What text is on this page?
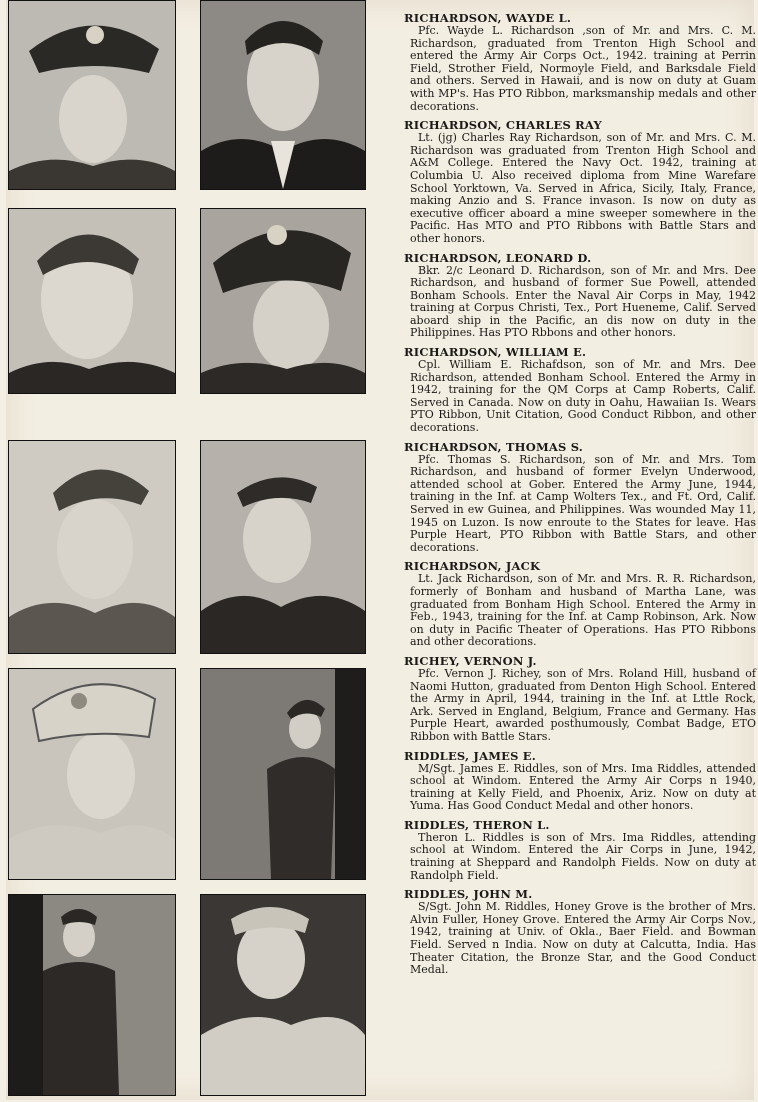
RICHARDSON, WAYDE L.

Pfc. Wayde L. Richardson ,son of Mr. and Mrs. C. M. Richardson, graduated from Trenton High School and entered the Army Air Corps Oct., 1942. training at Perrin Field, Strother Field, Normoyle Field, and Barksdale Field and others. Served in Hawaii, and is now on duty at Guam with MP's. Has PTO Ribbon, marksmanship medals and other decorations.

RICHARDSON, CHARLES RAY

Lt. (jg) Charles Ray Richardson, son of Mr. and Mrs. C. M. Richardson was graduated from Trenton High School and A&M College. Entered the Navy Oct. 1942, training at Columbia U. Also received diploma from Mine Warefare School Yorktown, Va. Served in Africa, Sicily, Italy, France, making Anzio and S. France invason. Is now on duty as executive officer aboard a mine sweeper somewhere in the Pacific. Has MTO and PTO Ribbons with Battle Stars and other honors.

RICHARDSON, LEONARD D.

Bkr. 2/c Leonard D. Richardson, son of Mr. and Mrs. Dee Richardson, and husband of former Sue Powell, attended Bonham Schools. Enter the Naval Air Corps in May, 1942 training at Corpus Christi, Tex., Port Hueneme, Calif. Served aboard ship in the Pacific, an dis now on duty in the Philippines. Has PTO Rbbons and other honors.

RICHARDSON, WILLIAM E.

Cpl. William E. Richafdson, son of Mr. and Mrs. Dee Richardson, attended Bonham School. Entered the Army in 1942, training for the QM Corps at Camp Roberts, Calif. Served in Canada. Now on duty in Oahu, Hawaiian Is. Wears PTO Ribbon, Unit Citation, Good Conduct Ribbon, and other decorations.

RICHARDSON, THOMAS S.

Pfc. Thomas S. Richardson, son of Mr. and Mrs. Tom Richardson, and husband of former Evelyn Underwood, attended school at Gober. Entered the Army June, 1944, training in the Inf. at Camp Wolters Tex., and Ft. Ord, Calif. Served in ew Guinea, and Philippines. Was wounded May 11, 1945 on Luzon. Is now enroute to the States for leave. Has Purple Heart, PTO Ribbon with Battle Stars, and other decorations.

RICHARDSON, JACK

Lt. Jack Richardson, son of Mr. and Mrs. R. R. Richardson, formerly of Bonham and husband of Martha Lane, was graduated from Bonham High School. Entered the Army in Feb., 1943, training for the Inf. at Camp Robinson, Ark. Now on duty in Pacific Theater of Operations. Has PTO Ribbons and other decorations.

RICHEY, VERNON J.

Pfc. Vernon J. Richey, son of Mrs. Roland Hill, husband of Naomi Hutton, graduated from Denton High School. Entered the Army in April, 1944, training in the Inf. at Lttle Rock, Ark. Served in England, Belgium, France and Germany. Has Purple Heart, awarded posthumously, Combat Badge, ETO Ribbon with Battle Stars.

RIDDLES, JAMES E.

M/Sgt. James E. Riddles, son of Mrs. Ima Riddles, attended school at Windom. Entered the Army Air Corps n 1940, training at Kelly Field, and Phoenix, Ariz. Now on duty at Yuma. Has Good Conduct Medal and other honors.

RIDDLES, THERON L.

Theron L. Riddles is son of Mrs. Ima Riddles, attending school at Windom. Entered the Air Corps in June, 1942, training at Sheppard and Randolph Fields. Now on duty at Randolph Field.

RIDDLES, JOHN M.

S/Sgt. John M. Riddles, Honey Grove is the brother of Mrs. Alvin Fuller, Honey Grove. Entered the Army Air Corps Nov., 1942, training at Univ. of Okla., Baer Field. and Bowman Field. Served n India. Now on duty at Calcutta, India. Has Theater Citation, the Bronze Star, and the Good Conduct Medal.
